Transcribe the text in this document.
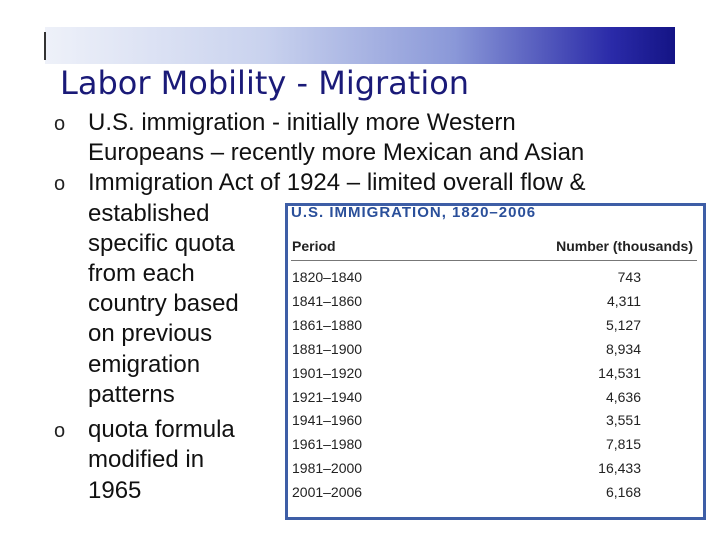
Labor Mobility - Migration
o U.S. immigration - initially more Western
Europeans – recently more Mexican and Asian
o Immigration Act of 1924 – limited overall flow &
established
specific quota
from each
country based
on previous
emigration
patterns
o quota formula
modified in
1965
U.S. IMMIGRATION, 1820–2006
Period	Number (thousands)
1820–1840	743
1841–1860	4,311
1861–1880	5,127
1881–1900	8,934
1901–1920	14,531
1921–1940	4,636
1941–1960	3,551
1961–1980	7,815
1981–2000	16,433
2001–2006	6,168
